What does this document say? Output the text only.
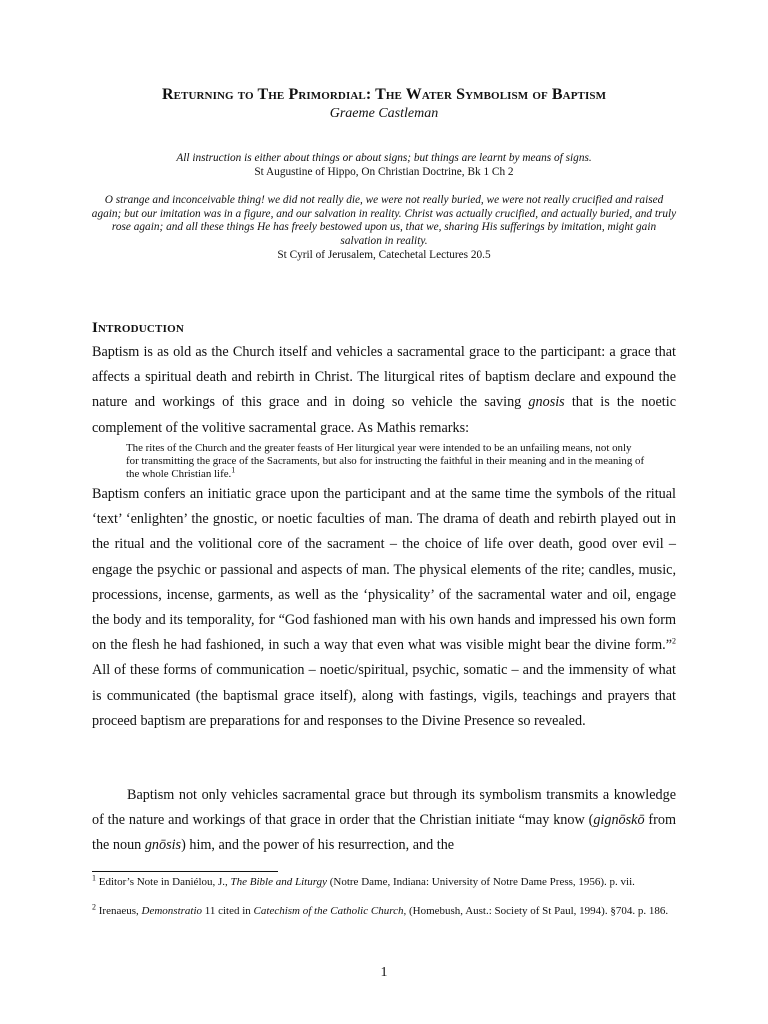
Returning to The Primordial: The Water Symbolism of Baptism
Graeme Castleman
All instruction is either about things or about signs; but things are learnt by means of signs.
St Augustine of Hippo, On Christian Doctrine, Bk 1 Ch 2
O strange and inconceivable thing! we did not really die, we were not really buried, we were not really crucified and raised again; but our imitation was in a figure, and our salvation in reality. Christ was actually crucified, and actually buried, and truly rose again; and all these things He has freely bestowed upon us, that we, sharing His sufferings by imitation, might gain salvation in reality.
St Cyril of Jerusalem, Catechetal Lectures 20.5
Introduction
Baptism is as old as the Church itself and vehicles a sacramental grace to the participant: a grace that affects a spiritual death and rebirth in Christ. The liturgical rites of baptism declare and expound the nature and workings of this grace and in doing so vehicle the saving gnosis that is the noetic complement of the volitive sacramental grace. As Mathis remarks:
The rites of the Church and the greater feasts of Her liturgical year were intended to be an unfailing means, not only for transmitting the grace of the Sacraments, but also for instructing the faithful in their meaning and in the meaning of the whole Christian life.$^1$
Baptism confers an initiatic grace upon the participant and at the same time the symbols of the ritual ‘text’ ‘enlighten’ the gnostic, or noetic faculties of man. The drama of death and rebirth played out in the ritual and the volitional core of the sacrament – the choice of life over death, good over evil – engage the psychic or passional and aspects of man. The physical elements of the rite; candles, music, processions, incense, garments, as well as the ‘physicality’ of the sacramental water and oil, engage the body and its temporality, for “God fashioned man with his own hands and impressed his own form on the flesh he had fashioned, in such a way that even what was visible might bear the divine form.”$^2$ All of these forms of communication – noetic/spiritual, psychic, somatic – and the immensity of what is communicated (the baptismal grace itself), along with fastings, vigils, teachings and prayers that proceed baptism are preparations for and responses to the Divine Presence so revealed.
Baptism not only vehicles sacramental grace but through its symbolism transmits a knowledge of the nature and workings of that grace in order that the Christian initiate “may know (gignōskō from the noun gnōsis) him, and the power of his resurrection, and the
$^1$ Editor’s Note in Daniélou, J., The Bible and Liturgy (Notre Dame, Indiana: University of Notre Dame Press, 1956). p. vii.
$^2$ Irenaeus, Demonstratio 11 cited in Catechism of the Catholic Church, (Homebush, Aust.: Society of St Paul, 1994). §704. p. 186.
1
